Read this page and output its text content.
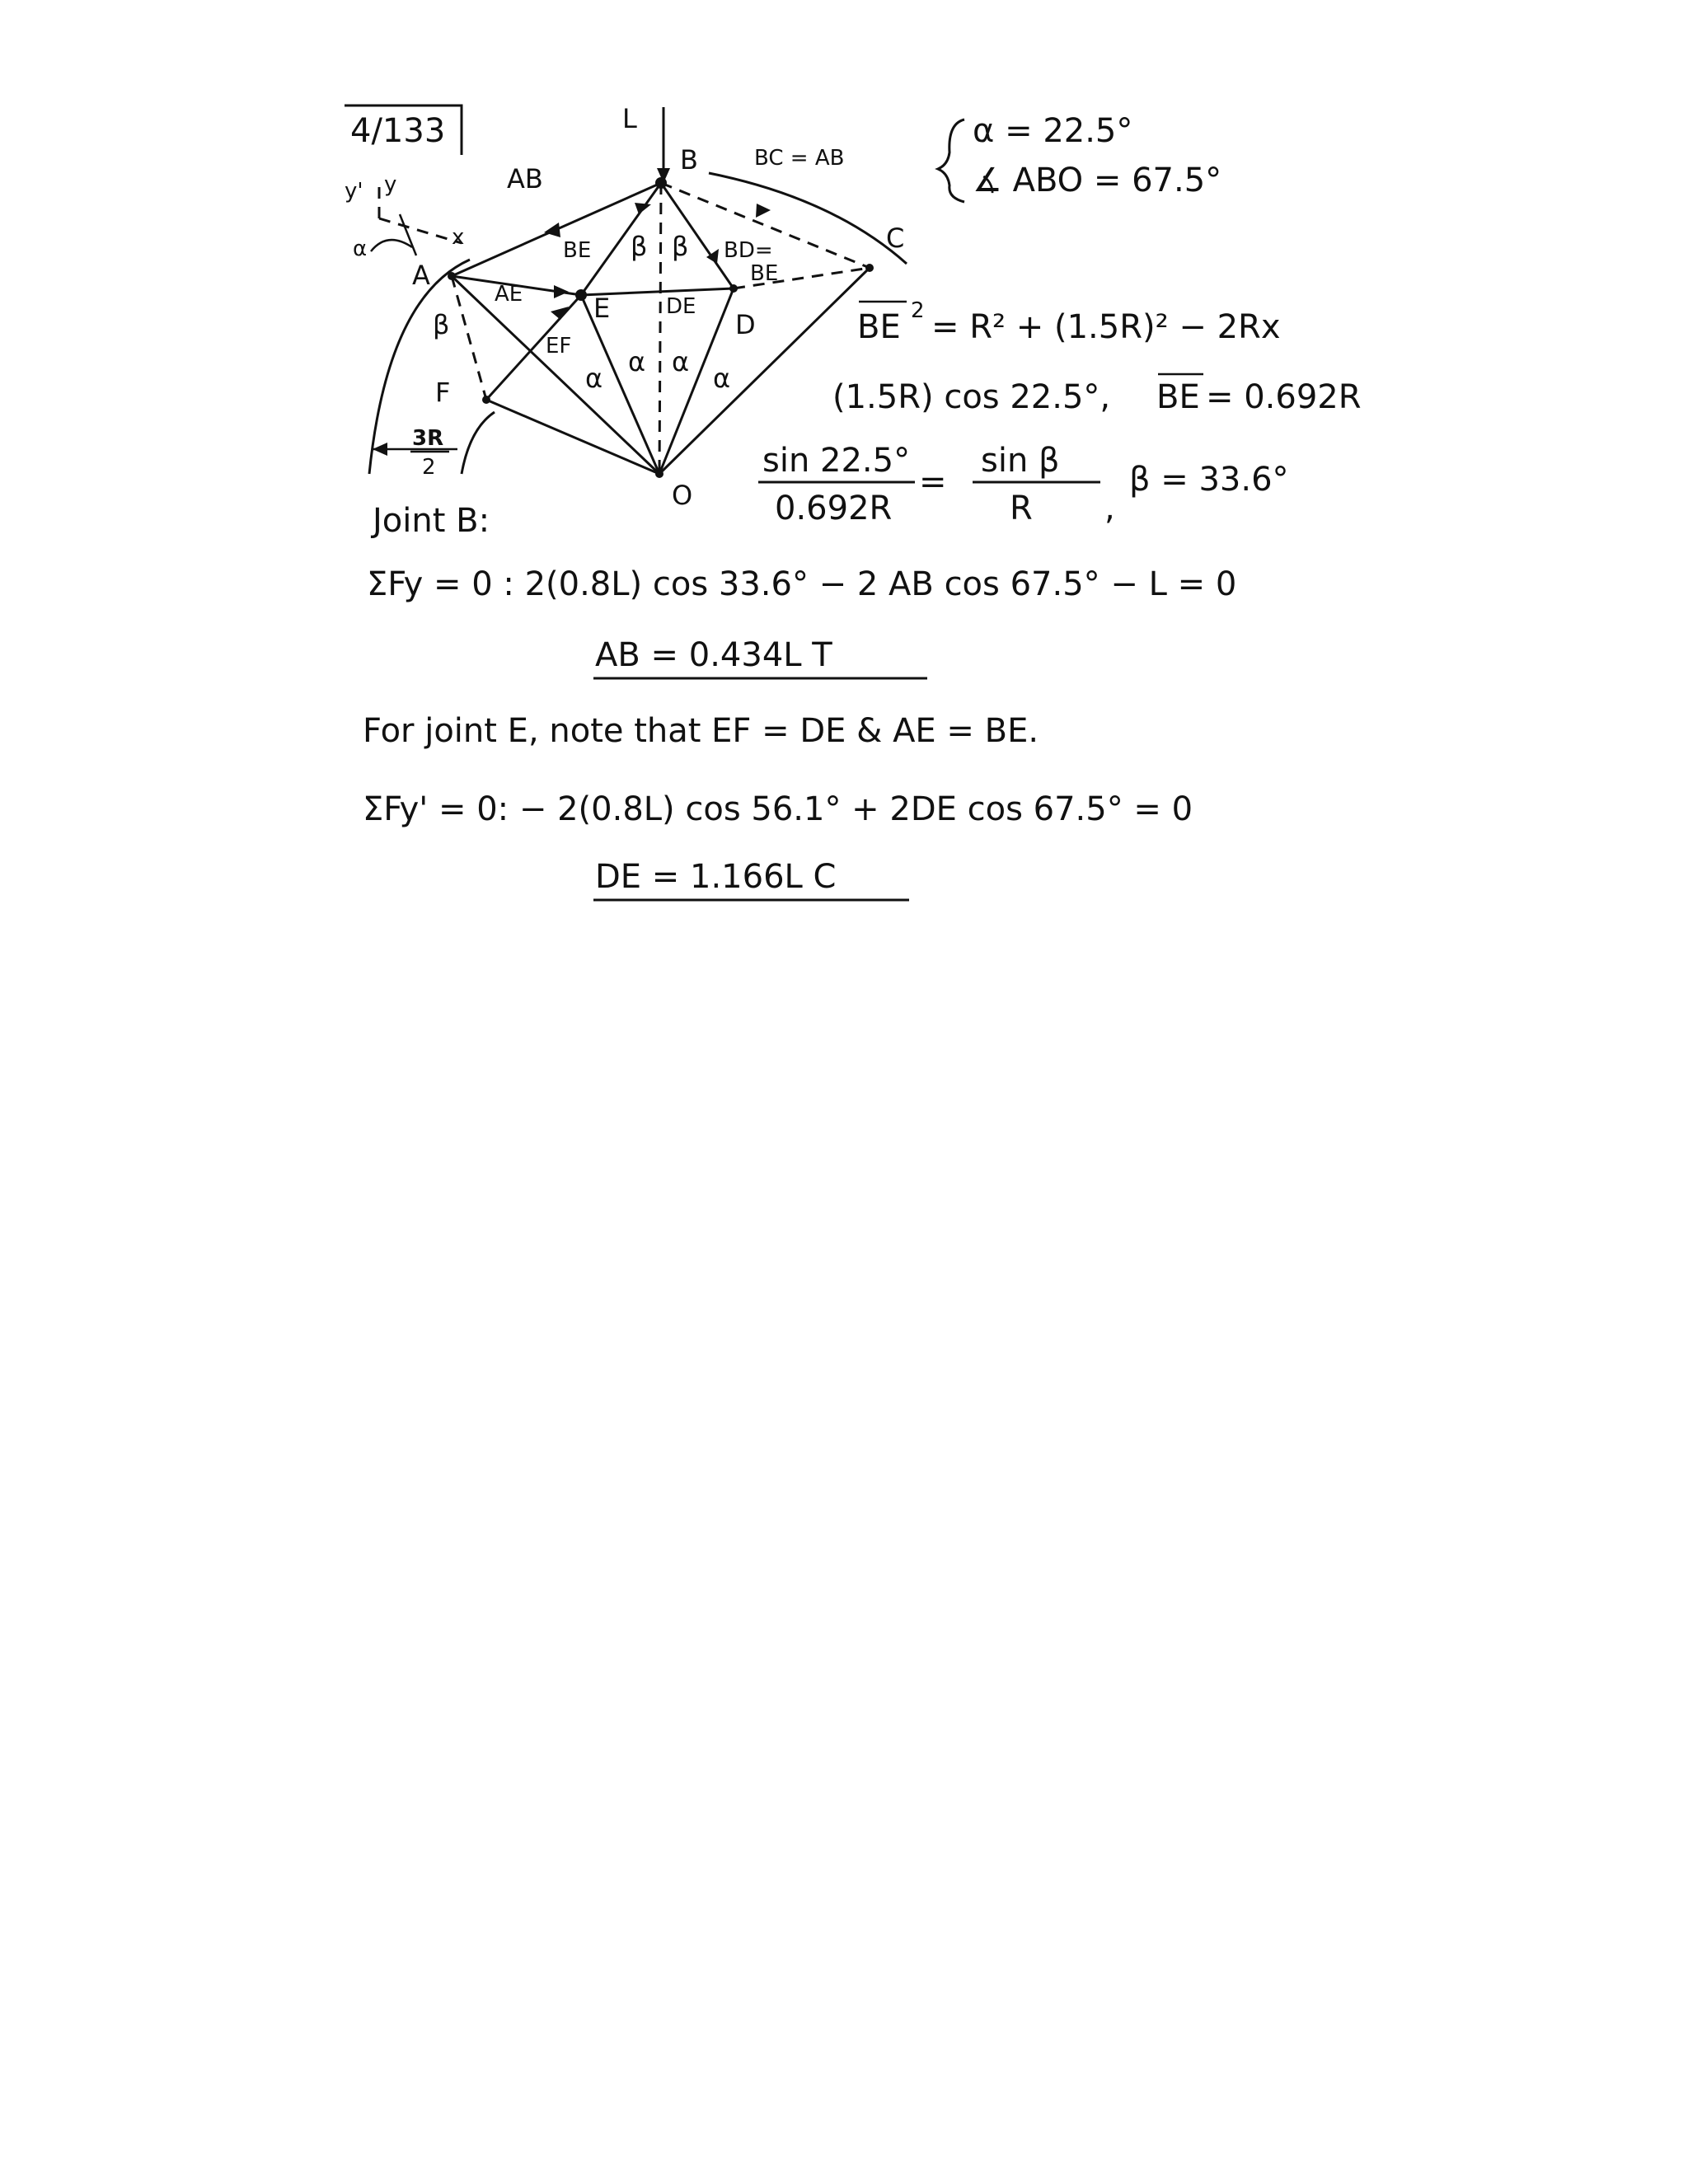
4/133	L
B
C
A
D
E
F
O
x
y
y'
α
AB
BC = AB
BE	BD=
BE
AE	DE
EF
β β
β
α
α α
α
3R
2
α = 22.5°
∡ ABO = 67.5°
BE 2 = R² + (1.5R)² − 2Rx
(1.5R) cos 22.5°, BE = 0.692R
sin 22.5°
0.692R
=
sin β
R ,
β = 33.6°
Joint B:
ΣFy = 0 : 2(0.8L) cos 33.6° − 2 AB cos 67.5° − L = 0
AB = 0.434L T
For joint E, note that EF = DE & AE = BE.
ΣFy' = 0: − 2(0.8L) cos 56.1° + 2DE cos 67.5° = 0
DE = 1.166L C
